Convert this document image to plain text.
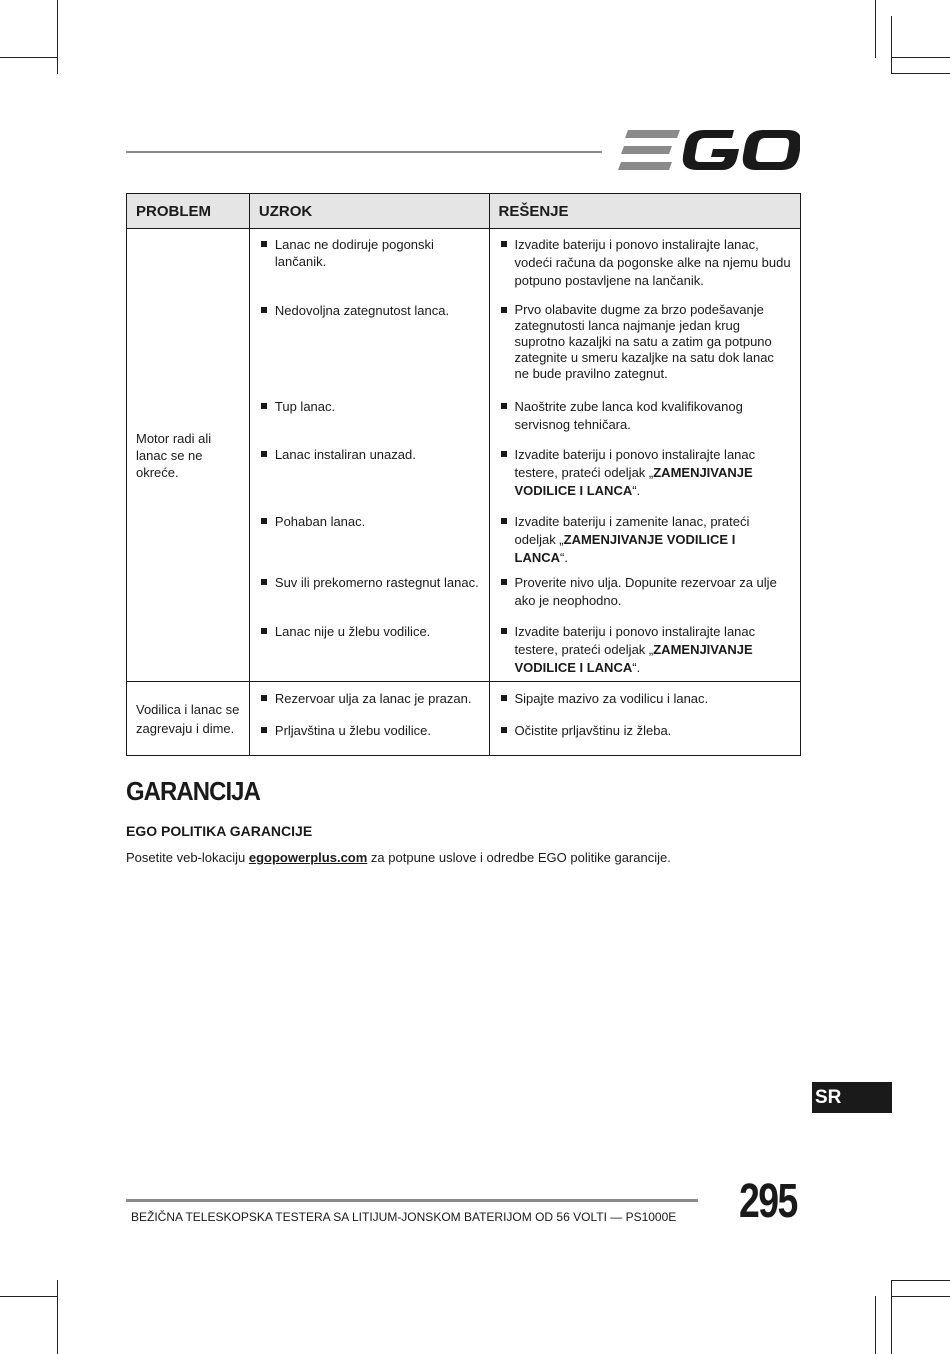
PROBLEM	UZROK	REŠENJE
Motor radi ali lanac se ne okreće.	Lanac ne dodiruje pogonski lančanik.	Izvadite bateriju i ponovo instalirajte lanac, vodeći računa da pogonske alke na njemu budu potpuno postavljene na lančanik.

	Nedovoljna zategnutost lanca.	Prvo olabavite dugme za brzo podešavanje zategnutosti lanca najmanje jedan krug suprotno kazaljki na satu a zatim ga potpuno zategnite u smeru kazaljke na satu dok lanac ne bude pravilno zategnut.

	Tup lanac.	Naoštrite zube lanca kod kvalifikovanog servisnog tehničara.

	Lanac instaliran unazad.	Izvadite bateriju i ponovo instalirajte lanac testere, prateći odeljak „ZAMENJIVANJE VODILICE I LANCA“.

	Pohaban lanac.	Izvadite bateriju i zamenite lanac, prateći odeljak „ZAMENJIVANJE VODILICE I LANCA“.

	Suv ili prekomerno rastegnut lanac.	Proverite nivo ulja. Dopunite rezervoar za ulje ako je neophodno.

	Lanac nije u žlebu vodilice.	Izvadite bateriju i ponovo instalirajte lanac testere, prateći odeljak „ZAMENJIVANJE VODILICE I LANCA“.

Vodilica i lanac se zagrevaju i dime.	Rezervoar ulja za lanac je prazan.	Sipajte mazivo za vodilicu i lanac.

	Prljavština u žlebu vodilice.	Očistite prljavštinu iz žleba.
GARANCIJA
EGO POLITIKA GARANCIJE

Posetite veb-lokaciju egopowerplus.com za potpune uslove i odredbe EGO politike garancije.

SR
BEŽIČNA TELESKOPSKA TESTERA SA LITIJUM-JONSKOM BATERIJOM OD 56 VOLTI — PS1000E 295
